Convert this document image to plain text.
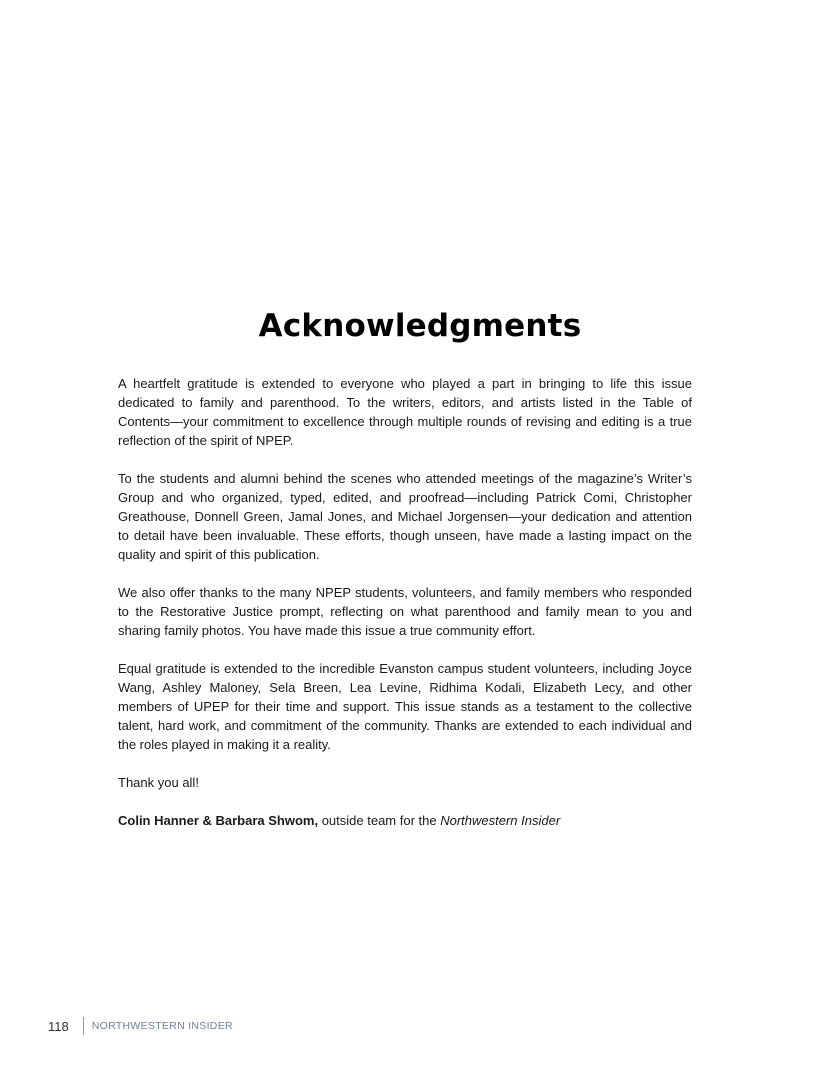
Acknowledgments

A heartfelt gratitude is extended to everyone who played a part in bringing to life this issue dedicated to family and parenthood. To the writers, editors, and artists listed in the Table of Contents—your commitment to excellence through multiple rounds of revising and editing is a true reflection of the spirit of NPEP.

To the students and alumni behind the scenes who attended meetings of the magazine’s Writer’s Group and who organized, typed, edited, and proofread—including Patrick Comi, Christopher Greathouse, Donnell Green, Jamal Jones, and Michael Jorgensen—your dedication and attention to detail have been invaluable. These efforts, though unseen, have made a lasting impact on the quality and spirit of this publication.

We also offer thanks to the many NPEP students, volunteers, and family members who responded to the Restorative Justice prompt, reflecting on what parenthood and family mean to you and sharing family photos. You have made this issue a true community effort.

Equal gratitude is extended to the incredible Evanston campus student volunteers, including Joyce Wang, Ashley Maloney, Sela Breen, Lea Levine, Ridhima Kodali, Elizabeth Lecy, and other members of UPEP for their time and support. This issue stands as a testament to the collective talent, hard work, and commitment of the community. Thanks are extended to each individual and the roles played in making it a reality.

Thank you all!

Colin Hanner & Barbara Shwom, outside team for the Northwestern Insider

118 NORTHWESTERN INSIDER
